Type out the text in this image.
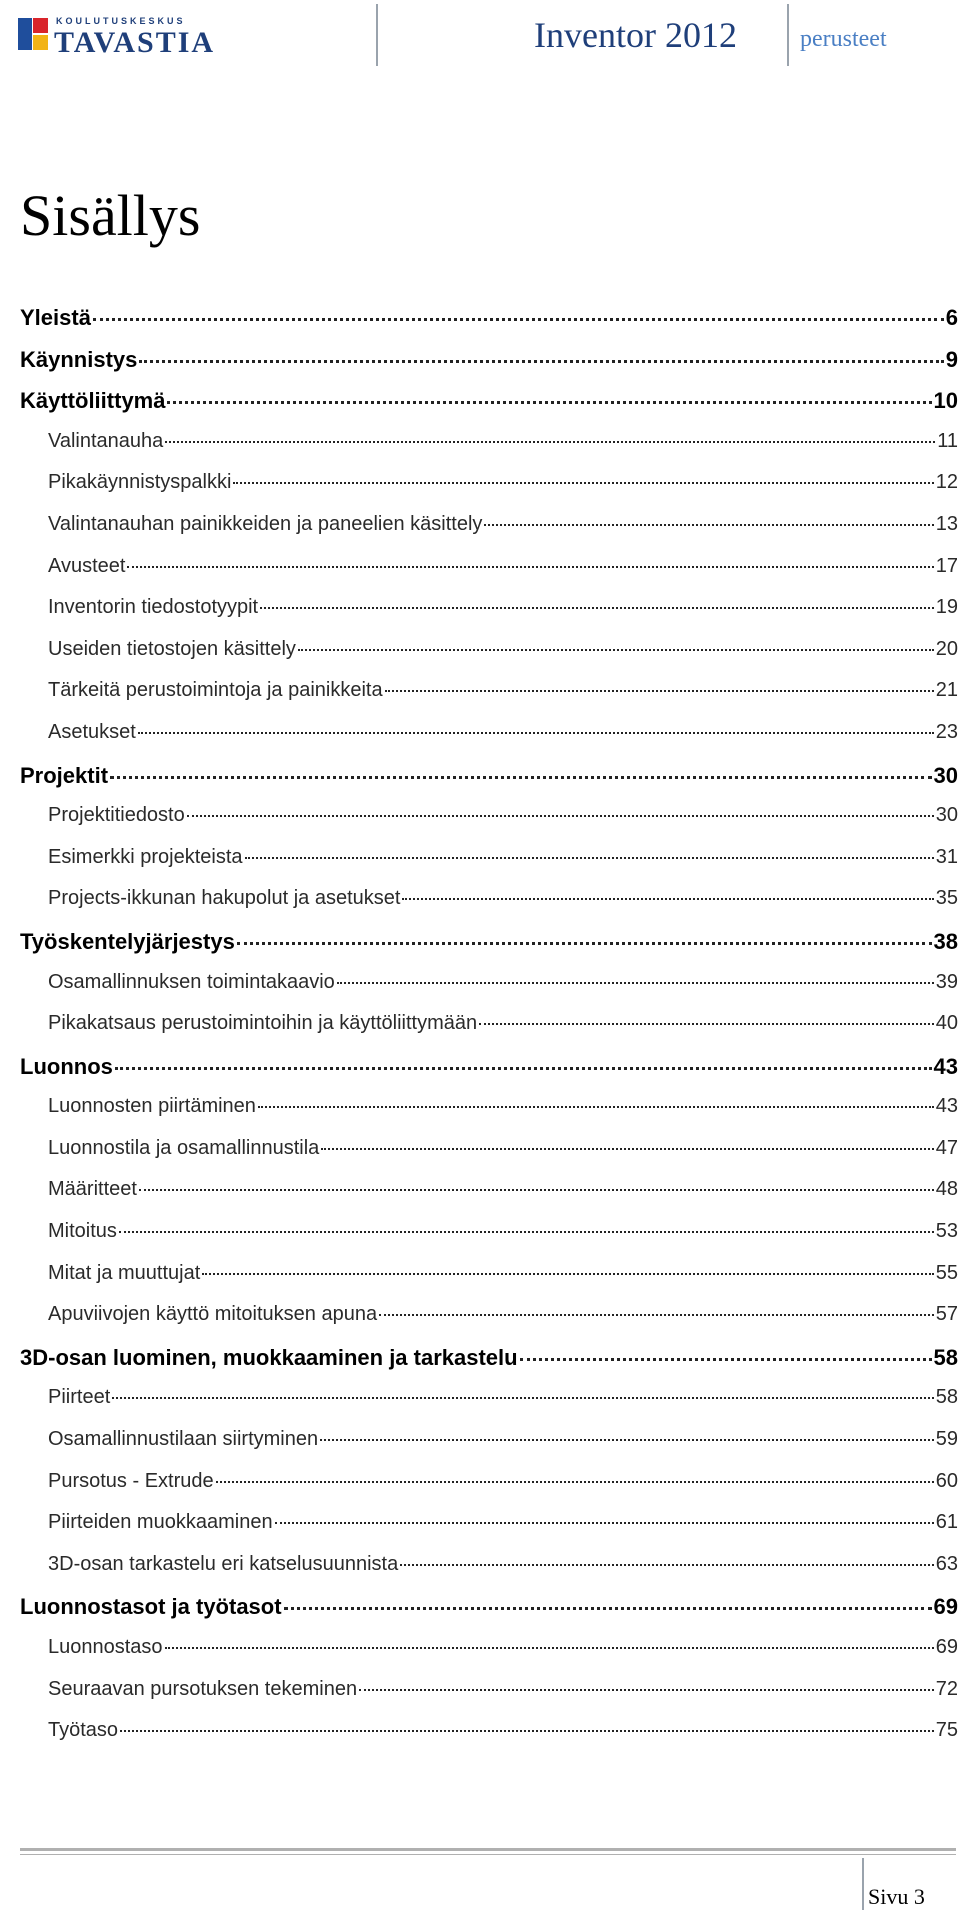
KOULUTUSKESKUS
TAVASTIA	Inventor 2012	perusteet
Sisällys
Yleistä	6
Käynnistys	9
Käyttöliittymä	10
Valintanauha	11
Pikakäynnistyspalkki	12
Valintanauhan painikkeiden ja paneelien käsittely	13
Avusteet	17
Inventorin tiedostotyypit	19
Useiden tietostojen käsittely	20
Tärkeitä perustoimintoja ja painikkeita	21
Asetukset	23
Projektit	30
Projektitiedosto	30
Esimerkki projekteista	31
Projects-ikkunan hakupolut ja asetukset	35
Työskentelyjärjestys	38
Osamallinnuksen toimintakaavio	39
Pikakatsaus perustoimintoihin ja käyttöliittymään	40
Luonnos	43
Luonnosten piirtäminen	43
Luonnostila ja osamallinnustila	47
Määritteet	48
Mitoitus	53
Mitat ja muuttujat	55
Apuviivojen käyttö mitoituksen apuna	57
3D-osan luominen, muokkaaminen ja tarkastelu	58
Piirteet	58
Osamallinnustilaan siirtyminen	59
Pursotus - Extrude	60
Piirteiden muokkaaminen	61
3D-osan tarkastelu eri katselusuunnista	63
Luonnostasot ja työtasot	69
Luonnostaso	69
Seuraavan pursotuksen tekeminen	72
Työtaso	75
Sivu 3
